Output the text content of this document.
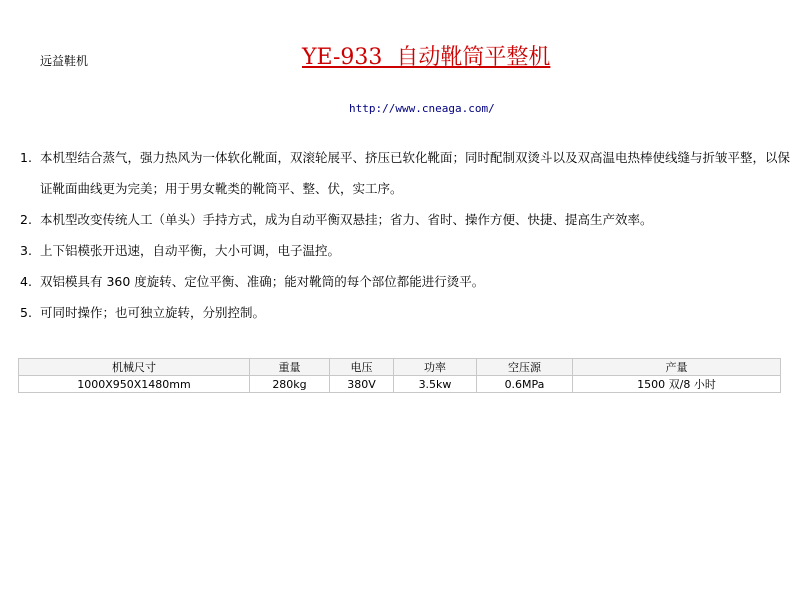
远益鞋机	YE-933  自动靴筒平整机
http://www.cneaga.com/
1. 本机型结合蒸气，强力热风为一体软化靴面，双滚轮展平、挤压已软化靴面；同时配制双烫斗以及双高温电热棒使线缝与折皱平整，以保证靴面曲线更为完美；用于男女靴类的靴筒平、整、伏，实工序。
2. 本机型改变传统人工（单头）手持方式，成为自动平衡双悬挂；省力、省时、操作方便、快捷、提高生产效率。
3. 上下铝模张开迅速，自动平衡，大小可调，电子温控。
4. 双铝模具有 360 度旋转、定位平衡、准确；能对靴筒的每个部位都能进行烫平。
5. 可同时操作；也可独立旋转，分别控制。
机械尺寸	重量	电压	功率	空压源	产量
1000X950X1480mm	280kg	380V	3.5kw	0.6MPa	1500 双/8 小时
